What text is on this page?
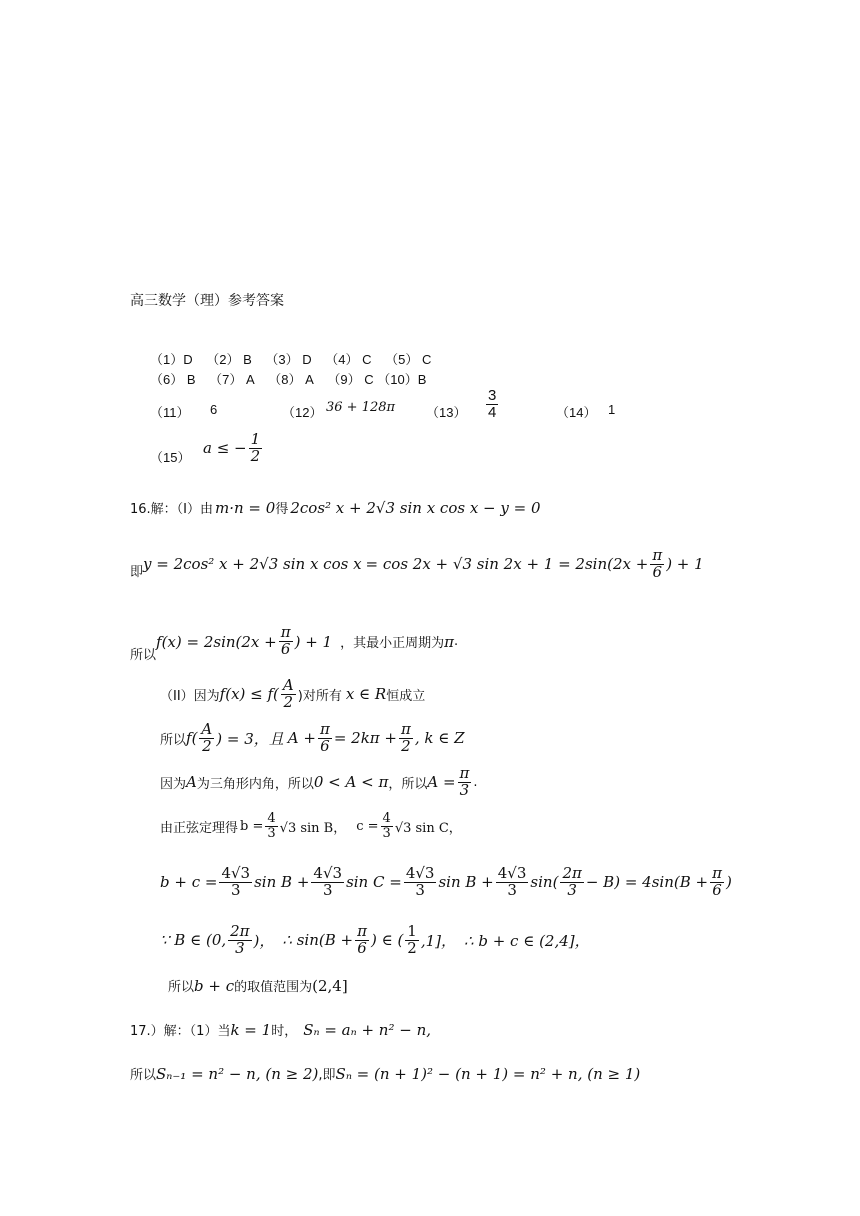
高三数学（理）参考答案
（1）D （2） B （3） D （4） C （5） C
（6） B （7） A （8） A （9） C （10）B
（11） 6	（12） 36 + 128π $(13) \frac{3}{4}$	（14） 1
（15）
a ≤ − $\frac{1}{2}$
16.解：（I）由 m·n = 0 得 2cos² x + 2√3 sin x cos x − y = 0
即 y = 2cos² x + 2√3 sin x cos x = cos 2x + √3 $\sin 2x + 1 = 2\sin(2x + \frac{\pi}{6}$ ) + 1
所以
$f(x) = 2\sin(2x + \frac{\pi}{6}$ ) + 1 ，其最小正周期为 π .
（II）因为 $f(x) \le f( \frac{A}{2}$ )对所有 x ∈ R 恒成立
所以 $f( \frac{A}{2}$ ) = 3，且 $A + \frac{\pi}{6} = 2k\pi + \frac{\pi}{2}$ , k ∈ Z
因为 A 为三角形内角，所以 0 < A < π ，所以 $A = \frac{\pi}{3}$ .
由正弦定理得 $b = \frac{4}{3} √3$ sin B， $c = \frac{4}{3} √3$ sin C，
$b + c = \frac{4√3}{3}$ $\sin B + \frac{4√3}{3}$ $\sin C = \frac{4√3}{3}$ $\sin B + \frac{4√3}{3} \sin( \frac{2\pi}{3} - B) = 4\sin(B + \frac{\pi}{6}$ )
∵ B ∈ (0, $\frac{2\pi}{3}$ )， ∴ $\sin(B + \frac{\pi}{6}$ ) ∈ ( $\frac{1}{2} ,1$]， ∴ b + c ∈ (2,4]，
所以 b + c 的取值范围为 (2,4]
17.）解：（1）当 k = 1 时， Sₙ = aₙ + n² − n,
所以 Sₙ₋₁ = n² − n, (n ≥ 2) ,即 Sₙ = (n + 1)² − (n + 1) = n² + n, (n ≥ 1)
